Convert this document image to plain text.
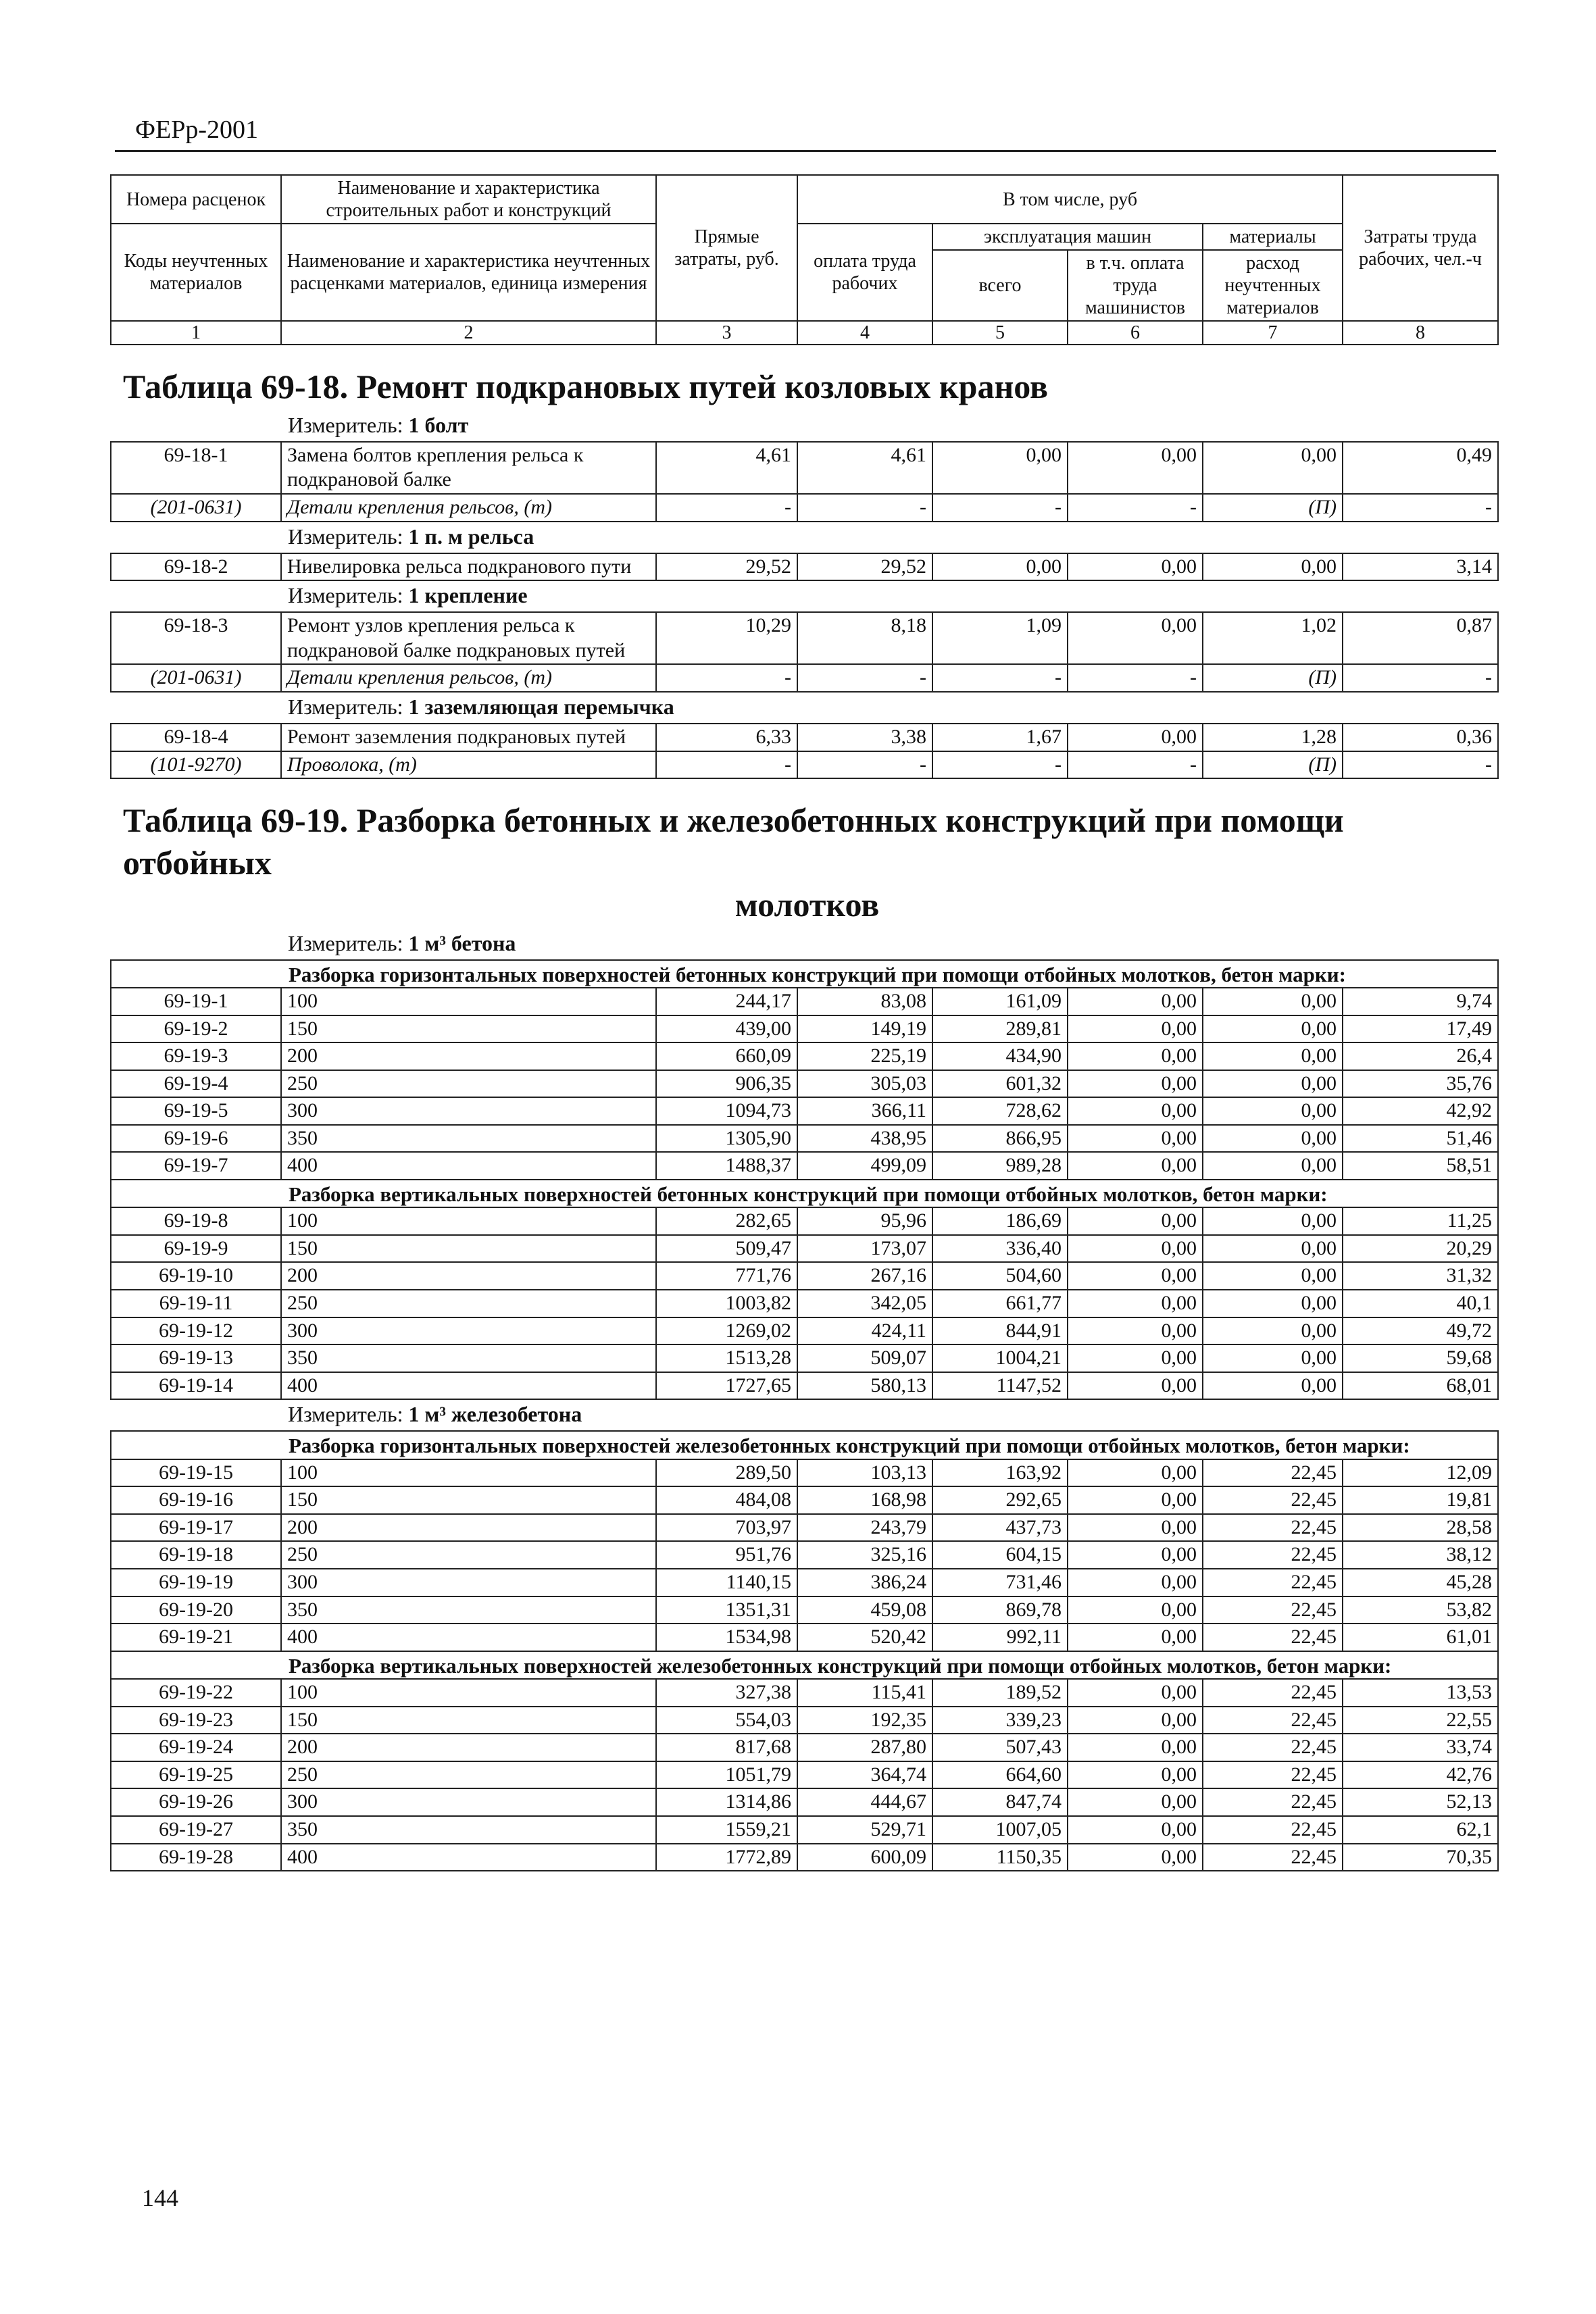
ФЕРр-2001
Номера расценок	Наименование и характеристика строительных работ и конструкций	Прямые затраты, руб.	В том числе, руб				Затраты труда рабочих, чел.-ч
Коды неучтенных материалов	Наименование и характеристика неучтенных расценками материалов, единица измерения		оплата труда рабочих	эксплуатация машин		материалы	
				всего	в т.ч. оплата труда машинистов	расход неучтенных материалов	
1	2	3	4	5	6	7	8
Таблица 69-18. Ремонт подкрановых путей козловых кранов							
Измеритель: 1 болт							
69-18-1	Замена болтов крепления рельса к подкрановой балке	4,61	4,61	0,00	0,00	0,00	0,49
(201-0631)	Детали крепления рельсов, (т)	-	-	-	-	(П)	-
Измеритель: 1 п. м рельса							
69-18-2	Нивелировка рельса подкранового пути	29,52	29,52	0,00	0,00	0,00	3,14
Измеритель: 1 крепление							
69-18-3	Ремонт узлов крепления рельса к подкрановой балке подкрановых путей	10,29	8,18	1,09	0,00	1,02	0,87
(201-0631)	Детали крепления рельсов, (т)	-	-	-	-	(П)	-
Измеритель: 1 заземляющая перемычка							
69-18-4	Ремонт заземления подкрановых путей	6,33	3,38	1,67	0,00	1,28	0,36
(101-9270)	Проволока, (т)	-	-	-	-	(П)	-
Таблица 69-19. Разборка бетонных и железобетонных конструкций при помощи отбойных
молотков							

Измеритель: 1 м³ бетона							
Разборка горизонтальных поверхностей бетонных конструкций при помощи отбойных молотков, бетон марки:							
69-19-1	100	244,17	83,08	161,09	0,00	0,00	9,74
69-19-2	150	439,00	149,19	289,81	0,00	0,00	17,49
69-19-3	200	660,09	225,19	434,90	0,00	0,00	26,4
69-19-4	250	906,35	305,03	601,32	0,00	0,00	35,76
69-19-5	300	1094,73	366,11	728,62	0,00	0,00	42,92
69-19-6	350	1305,90	438,95	866,95	0,00	0,00	51,46
69-19-7	400	1488,37	499,09	989,28	0,00	0,00	58,51
Разборка вертикальных поверхностей бетонных конструкций при помощи отбойных молотков, бетон марки:							
69-19-8	100	282,65	95,96	186,69	0,00	0,00	11,25
69-19-9	150	509,47	173,07	336,40	0,00	0,00	20,29
69-19-10	200	771,76	267,16	504,60	0,00	0,00	31,32
69-19-11	250	1003,82	342,05	661,77	0,00	0,00	40,1
69-19-12	300	1269,02	424,11	844,91	0,00	0,00	49,72
69-19-13	350	1513,28	509,07	1004,21	0,00	0,00	59,68
69-19-14	400	1727,65	580,13	1147,52	0,00	0,00	68,01
Измеритель: 1 м³ железобетона							
Разборка горизонтальных поверхностей железобетонных конструкций при помощи отбойных молотков, бетон марки:							
69-19-15	100	289,50	103,13	163,92	0,00	22,45	12,09
69-19-16	150	484,08	168,98	292,65	0,00	22,45	19,81
69-19-17	200	703,97	243,79	437,73	0,00	22,45	28,58
69-19-18	250	951,76	325,16	604,15	0,00	22,45	38,12
69-19-19	300	1140,15	386,24	731,46	0,00	22,45	45,28
69-19-20	350	1351,31	459,08	869,78	0,00	22,45	53,82
69-19-21	400	1534,98	520,42	992,11	0,00	22,45	61,01
Разборка вертикальных поверхностей железобетонных конструкций при помощи отбойных молотков, бетон марки:							
69-19-22	100	327,38	115,41	189,52	0,00	22,45	13,53
69-19-23	150	554,03	192,35	339,23	0,00	22,45	22,55
69-19-24	200	817,68	287,80	507,43	0,00	22,45	33,74
69-19-25	250	1051,79	364,74	664,60	0,00	22,45	42,76
69-19-26	300	1314,86	444,67	847,74	0,00	22,45	52,13
69-19-27	350	1559,21	529,71	1007,05	0,00	22,45	62,1
69-19-28	400	1772,89	600,09	1150,35	0,00	22,45	70,35
144
